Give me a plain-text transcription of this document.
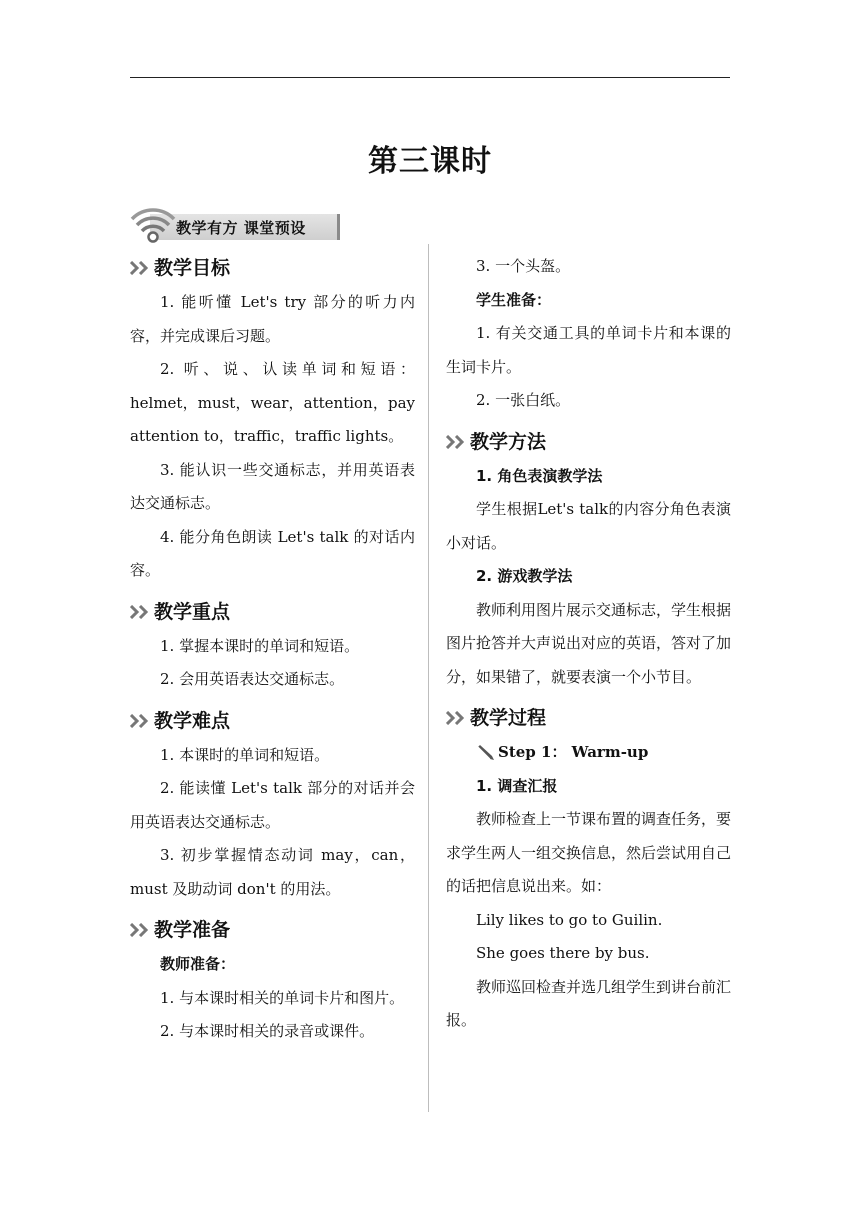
第三课时
教学有方 课堂预设
教学目标
1. 能听懂 Let's try 部分的听力内容，并完成课后习题。
2. 听、说、认读单词和短语：helmet，must，wear，attention，pay attention to，traffic，traffic lights。
3. 能认识一些交通标志，并用英语表达交通标志。
4. 能分角色朗读 Let's talk 的对话内容。
教学重点
1. 掌握本课时的单词和短语。
2. 会用英语表达交通标志。
教学难点
1. 本课时的单词和短语。
2. 能读懂 Let's talk 部分的对话并会用英语表达交通标志。
3. 初步掌握情态动词 may，can，must 及助动词 don't 的用法。
教学准备
教师准备：
1. 与本课时相关的单词卡片和图片。
2. 与本课时相关的录音或课件。
3. 一个头盔。
学生准备：
1. 有关交通工具的单词卡片和本课的生词卡片。
2. 一张白纸。
教学方法
1. 角色表演教学法
学生根据Let's talk的内容分角色表演小对话。
2. 游戏教学法
教师利用图片展示交通标志，学生根据图片抢答并大声说出对应的英语，答对了加分，如果错了，就要表演一个小节目。
教学过程
Step 1： Warm-up
1. 调查汇报
教师检查上一节课布置的调查任务，要求学生两人一组交换信息，然后尝试用自己的话把信息说出来。如：
Lily likes to go to Guilin.
She goes there by bus.
教师巡回检查并选几组学生到讲台前汇报。
